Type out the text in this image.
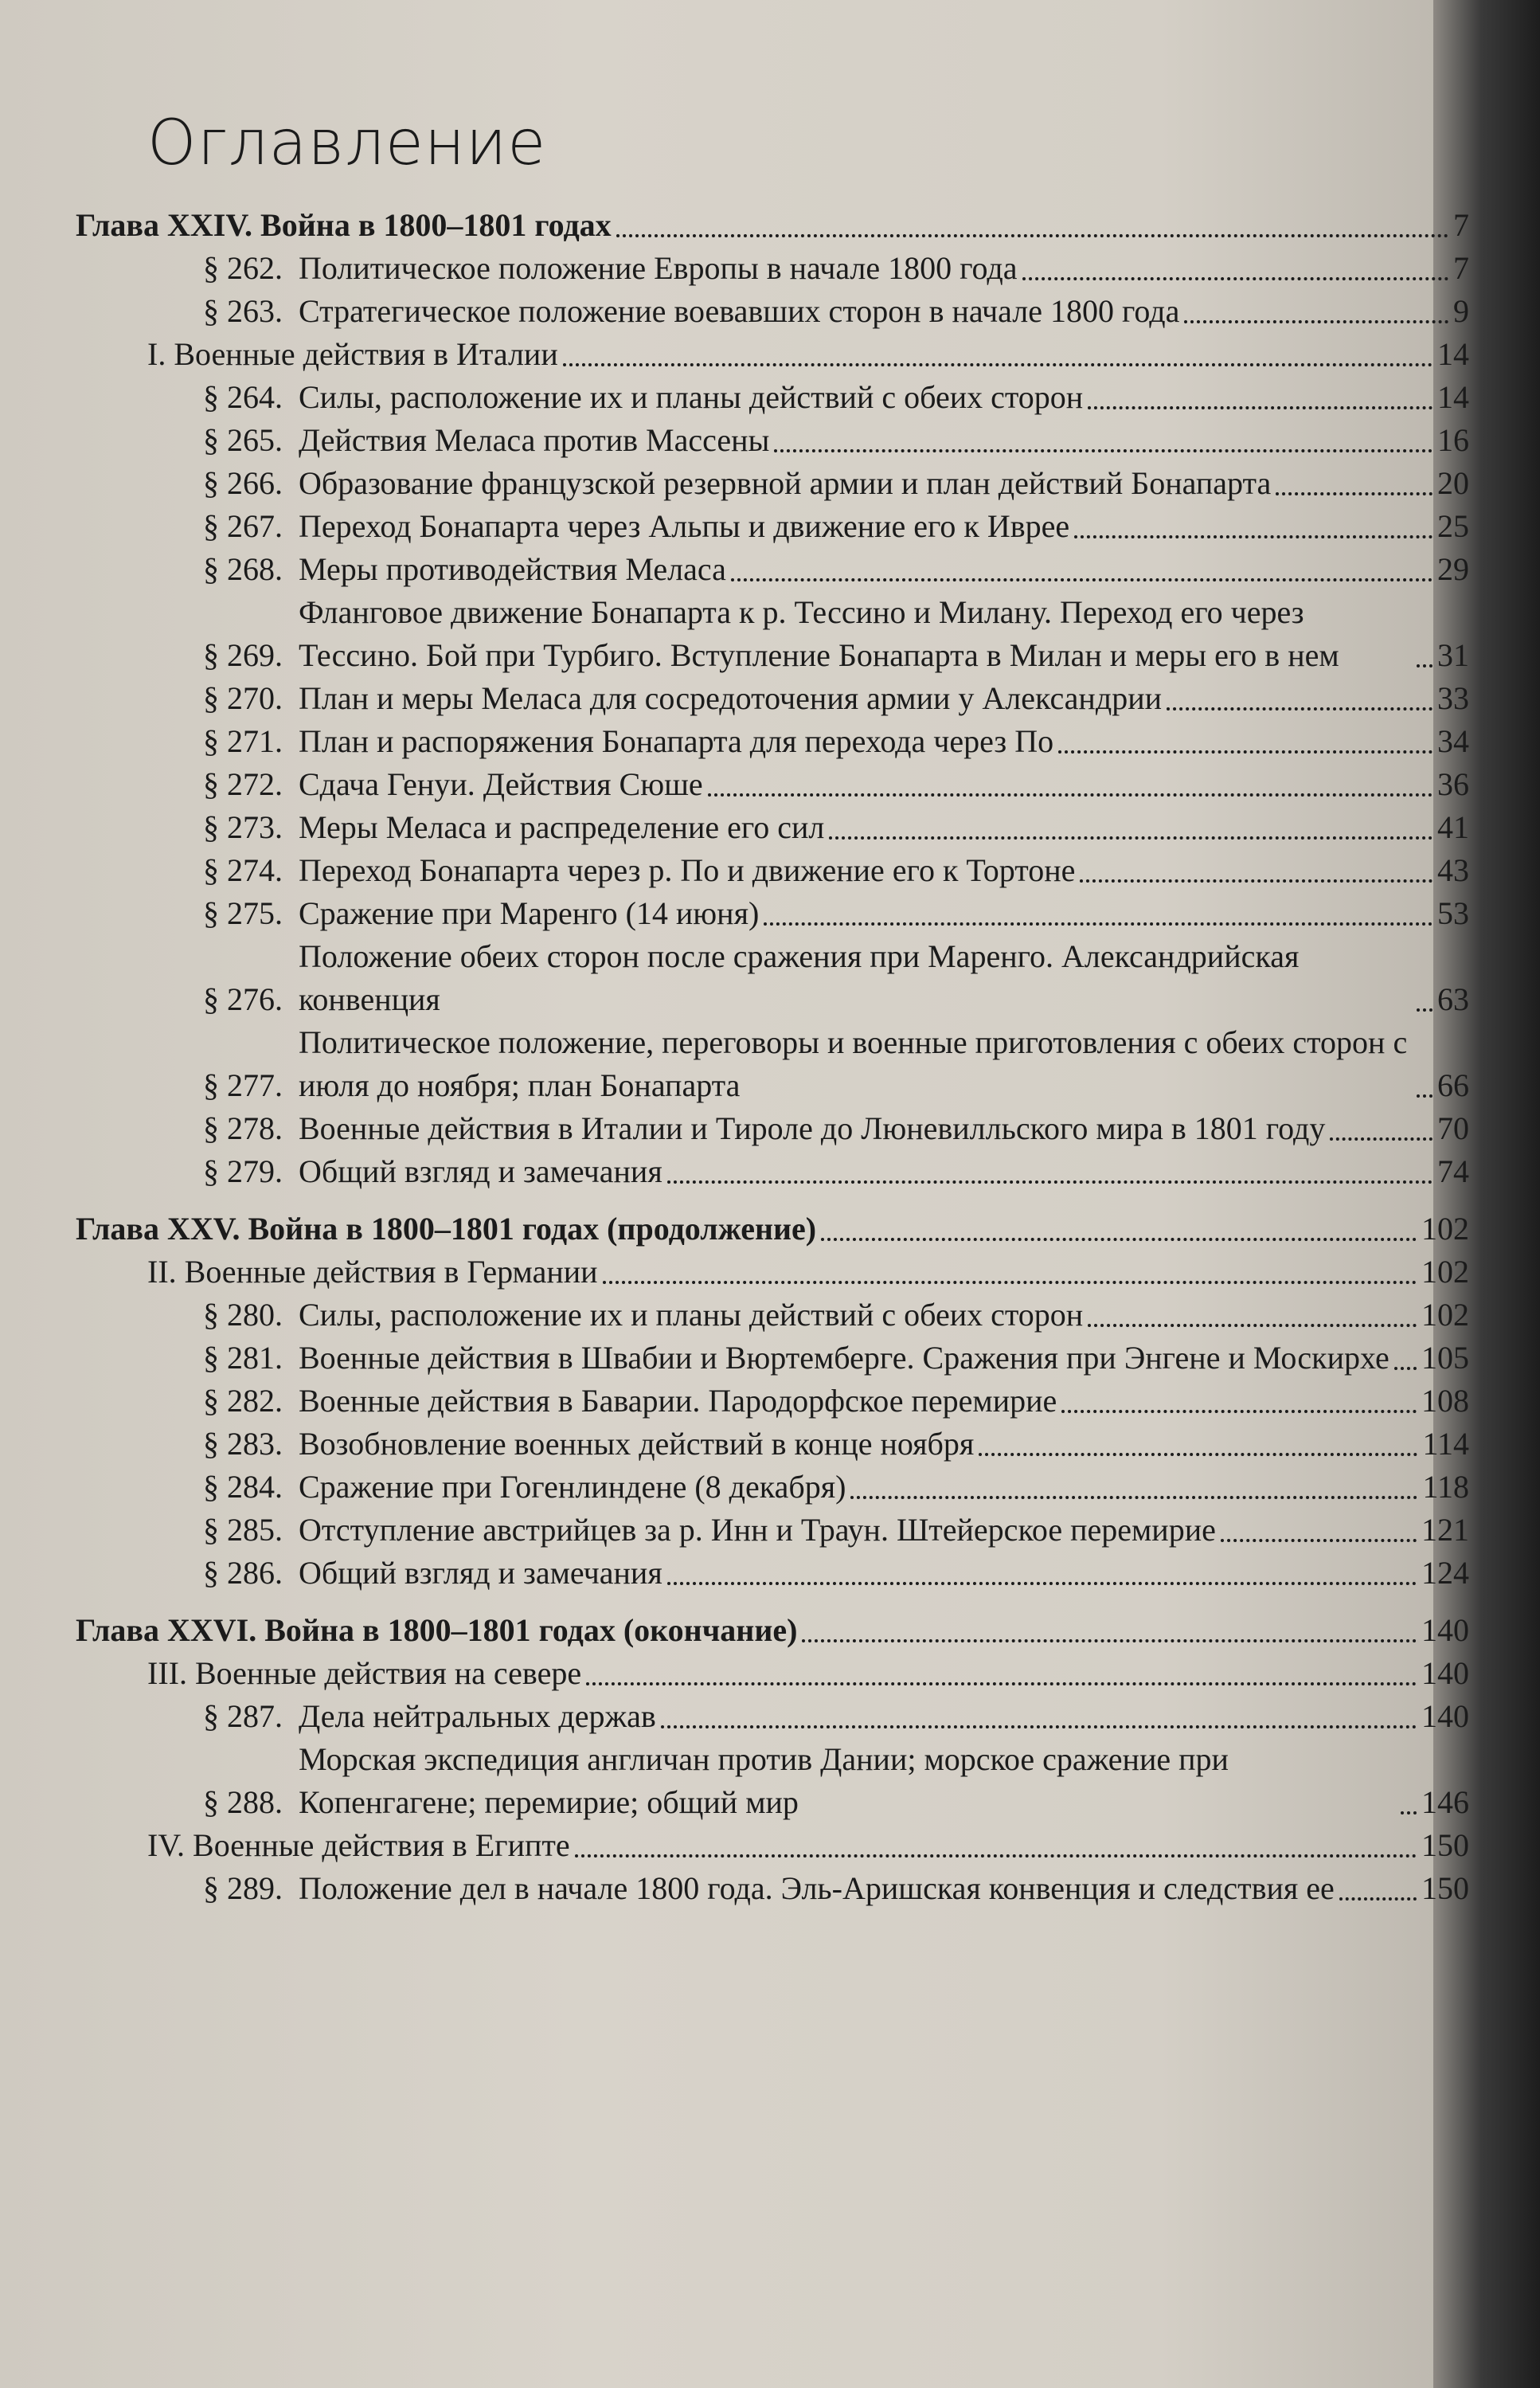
Оглавление
Глава XXIV. Война в 1800–1801 годах	7
§ 262. Политическое положение Европы в начале 1800 года	7
§ 263. Стратегическое положение воевавших сторон в начале 1800 года	9
I. Военные действия в Италии	14
§ 264. Силы, расположение их и планы действий с обеих сторон	14
§ 265. Действия Меласа против Массены	16
§ 266. Образование французской резервной армии и план действий Бонапарта	20
§ 267. Переход Бонапарта через Альпы и движение его к Иврее	25
§ 268. Меры противодействия Меласа	29
§ 269.
Фланговое движение Бонапарта к р. Тессино и Милану. Переход его через Тессино. Бой при Турбиго. Вступление Бонапарта в Милан и меры его в нем	31
§ 270. План и меры Меласа для сосредоточения армии у Александрии	33
§ 271. План и распоряжения Бонапарта для перехода через По	34
§ 272. Сдача Генуи. Действия Сюше	36
§ 273. Меры Меласа и распределение его сил	41
§ 274. Переход Бонапарта через р. По и движение его к Тортоне	43
§ 275. Сражение при Маренго (14 июня)	53
§ 276.
Положение обеих сторон после сражения при Маренго. Александрийская конвенция	63
§ 277.
Политическое положение, переговоры и военные приготовления с обеих сторон с июля до ноября; план Бонапарта	66
§ 278. Военные действия в Италии и Тироле до Люневилльского мира в 1801 году	70
§ 279. Общий взгляд и замечания	74
Глава XXV. Война в 1800–1801 годах (продолжение)	102
II. Военные действия в Германии	102
§ 280. Силы, расположение их и планы действий с обеих сторон	102
§ 281. Военные действия в Швабии и Вюртемберге. Сражения при Энгене и Москирхе 105
§ 282. Военные действия в Баварии. Пародорфское перемирие	108
§ 283. Возобновление военных действий в конце ноября	114
§ 284. Сражение при Гогенлиндене (8 декабря)	118
§ 285. Отступление австрийцев за р. Инн и Траун. Штейерское перемирие	121
§ 286. Общий взгляд и замечания	124
Глава XXVI. Война в 1800–1801 годах (окончание)	140
III. Военные действия на севере	140
§ 287. Дела нейтральных держав	140
§ 288.
Морская экспедиция англичан против Дании; морское сражение при Копенгагене; перемирие; общий мир	146
IV. Военные действия в Египте	150
§ 289. Положение дел в начале 1800 года. Эль-Аришская конвенция и следствия ее	150
